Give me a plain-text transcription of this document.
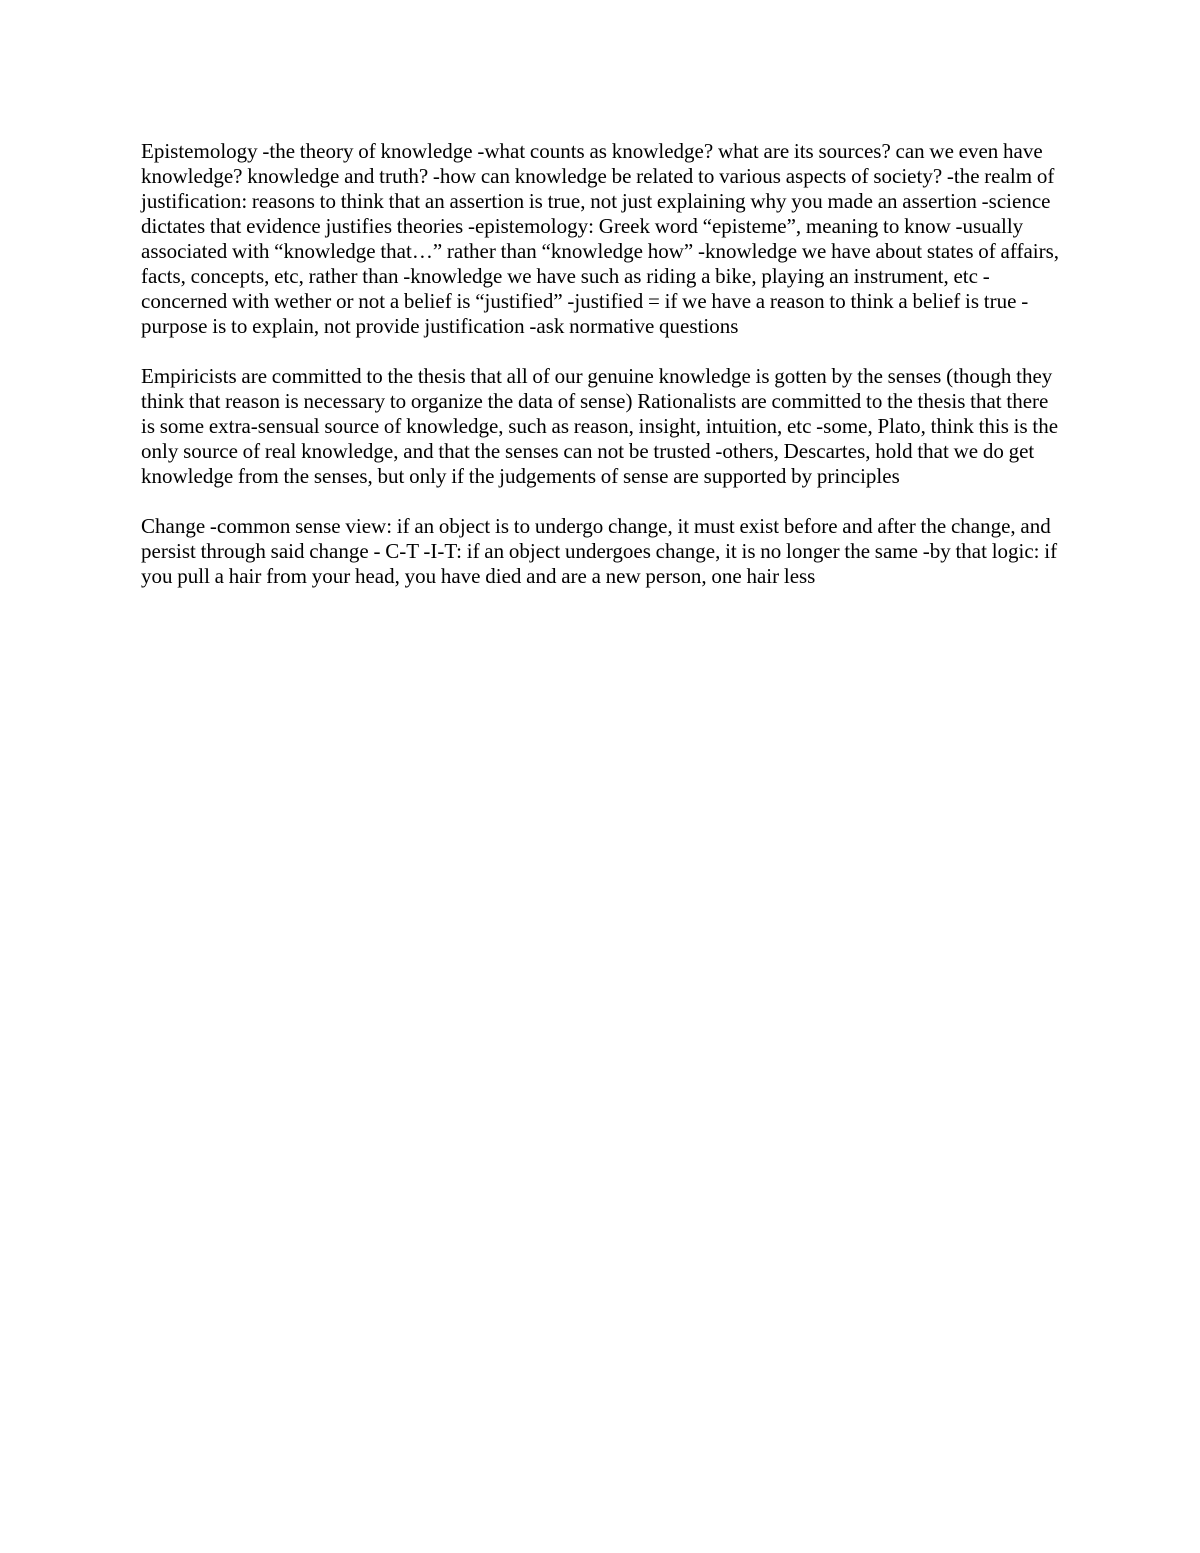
Epistemology -the theory of knowledge -what counts as knowledge? what are its sources? can we even have knowledge? knowledge and truth? -how can knowledge be related to various aspects of society? -the realm of justification: reasons to think that an assertion is true, not just explaining why you made an assertion -science dictates that evidence justifies theories -epistemology: Greek word “episteme”, meaning to know -usually associated with “knowledge that…” rather than “knowledge how” -knowledge we have about states of affairs, facts, concepts, etc, rather than -knowledge we have such as riding a bike, playing an instrument, etc -concerned with wether or not a belief is “justified” -justified = if we have a reason to think a belief is true -purpose is to explain, not provide justification -ask normative questions

Empiricists are committed to the thesis that all of our genuine knowledge is gotten by the senses (though they think that reason is necessary to organize the data of sense) Rationalists are committed to the thesis that there is some extra-sensual source of knowledge, such as reason, insight, intuition, etc -some, Plato, think this is the only source of real knowledge, and that the senses can not be trusted -others, Descartes, hold that we do get knowledge from the senses, but only if the judgements of sense are supported by principles

Change -common sense view: if an object is to undergo change, it must exist before and after the change, and persist through said change - C-T -I-T: if an object undergoes change, it is no longer the same -by that logic: if you pull a hair from your head, you have died and are a new person, one hair less
